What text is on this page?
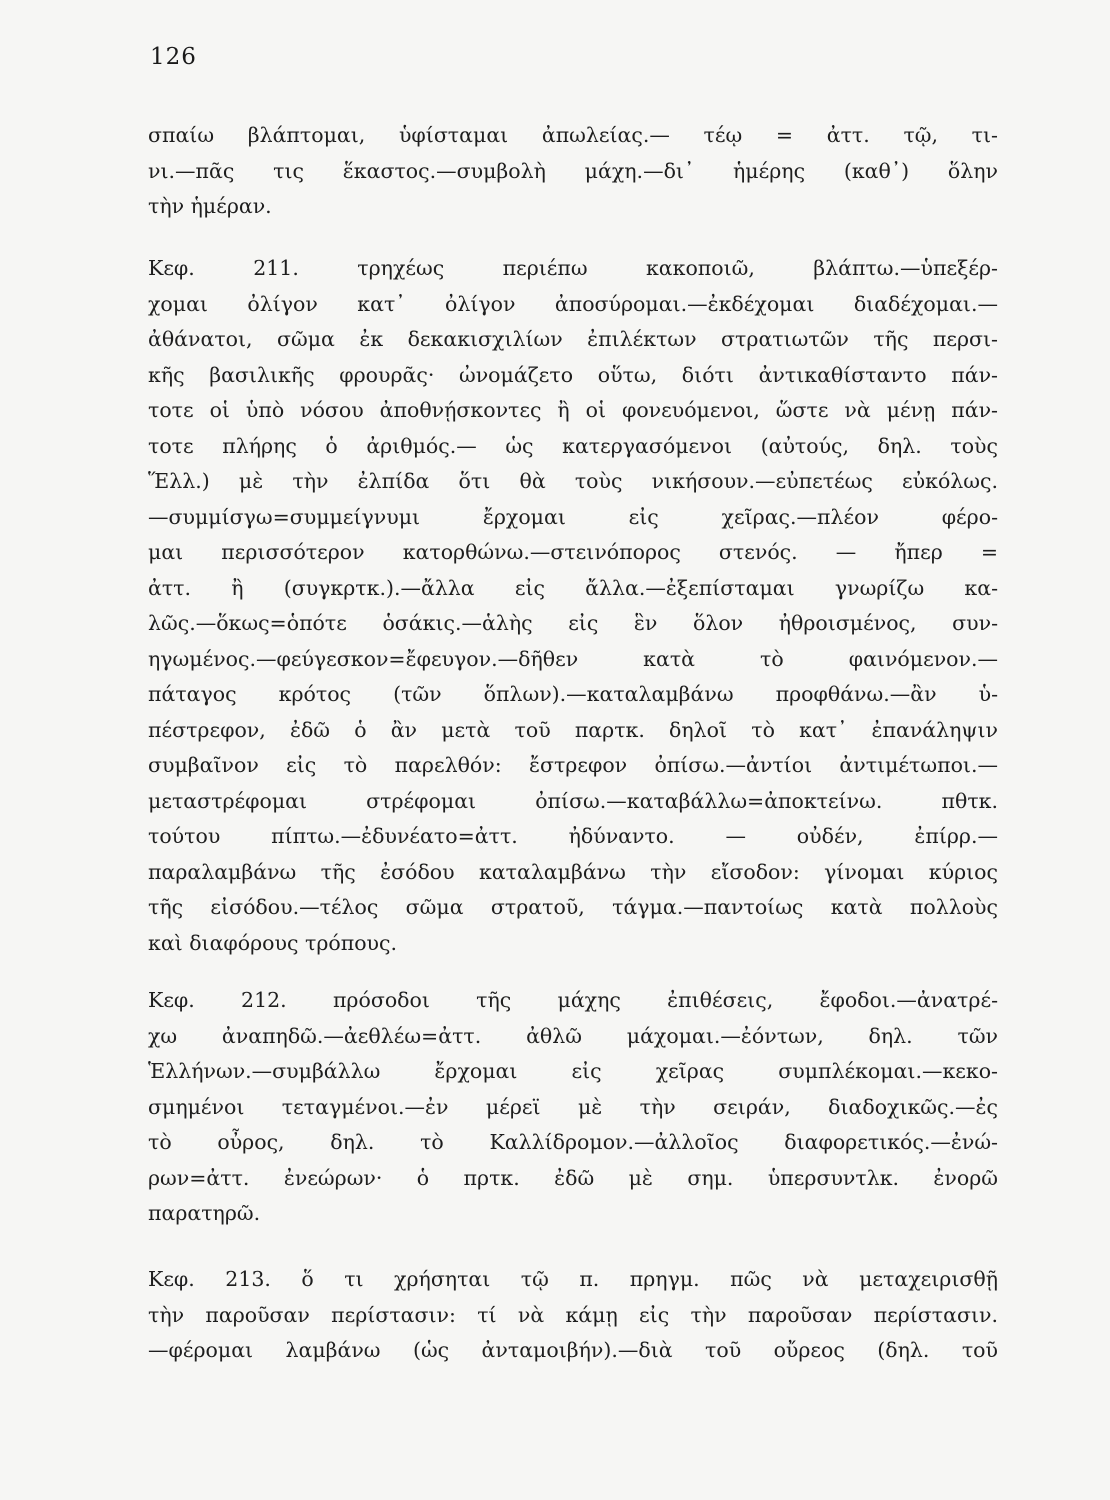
126
σπαίω βλάπτομαι, ὑφίσταμαι ἀπωλείας.— τέῳ = ἀττ. τῷ, τι-
νι.—πᾶς τις ἕκαστος.—συμβολὴ μάχη.—δι᾽ ἡμέρης (καθ᾽) ὅλην
τὴν ἡμέραν.
Κεφ. 211. τρηχέως περιέπω κακοποιῶ, βλάπτω.—ὑπεξέρ-
χομαι ὀλίγον κατ᾽ ὀλίγον ἀποσύρομαι.—ἐκδέχομαι διαδέχομαι.—
ἀθάνατοι, σῶμα ἐκ δεκακισχιλίων ἐπιλέκτων στρατιωτῶν τῆς περσι-
κῆς βασιλικῆς φρουρᾶς· ὠνομάζετο οὕτω, διότι ἀντικαθίσταντο πάν-
τοτε οἱ ὑπὸ νόσου ἀποθνῄσκοντες ἢ οἱ φονευόμενοι, ὥστε νὰ μένῃ πάν-
τοτε πλήρης ὁ ἀριθμός.— ὡς κατεργασόμενοι (αὐτούς, δηλ. τοὺς
Ἕλλ.) μὲ τὴν ἐλπίδα ὅτι θὰ τοὺς νικήσουν.—εὐπετέως εὐκόλως.
—συμμίσγω=συμμείγνυμι ἔρχομαι εἰς χεῖρας.—πλέον φέρο-
μαι περισσότερον κατορθώνω.—στεινόπορος στενός. — ἤπερ =
ἀττ. ἢ (συγκρτκ.).—ἄλλα εἰς ἄλλα.—ἐξεπίσταμαι γνωρίζω κα-
λῶς.—ὅκως=ὁπότε ὁσάκις.—ἁλὴς εἰς ἓν ὅλον ἠθροισμένος, συν-
ηγωμένος.—φεύγεσκον=ἔφευγον.—δῆθεν κατὰ τὸ φαινόμενον.—
πάταγος κρότος (τῶν ὅπλων).—καταλαμβάνω προφθάνω.—ἂν ὑ-
πέστρεφον, ἐδῶ ὁ ἂν μετὰ τοῦ παρτκ. δηλοῖ τὸ κατ᾽ ἐπανάληψιν
συμβαῖνον εἰς τὸ παρελθόν: ἔστρεφον ὀπίσω.—ἀντίοι ἀντιμέτωποι.—
μεταστρέφομαι στρέφομαι ὀπίσω.—καταβάλλω=ἀποκτείνω. πθτκ.
τούτου πίπτω.—ἐδυνέατο=ἀττ. ἠδύναντο. — οὐδέν, ἐπίρρ.—
παραλαμβάνω τῆς ἐσόδου καταλαμβάνω τὴν εἴσοδον: γίνομαι κύριος
τῆς εἰσόδου.—τέλος σῶμα στρατοῦ, τάγμα.—παντοίως κατὰ πολλοὺς
καὶ διαφόρους τρόπους.
Κεφ. 212. πρόσοδοι τῆς μάχης ἐπιθέσεις, ἔφοδοι.—ἀνατρέ-
χω ἀναπηδῶ.—ἀεθλέω=ἀττ. ἀθλῶ μάχομαι.—ἐόντων, δηλ. τῶν
Ἑλλήνων.—συμβάλλω ἔρχομαι εἰς χεῖρας συμπλέκομαι.—κεκο-
σμημένοι τεταγμένοι.—ἐν μέρεϊ μὲ τὴν σειράν, διαδοχικῶς.—ἐς
τὸ οὖρος, δηλ. τὸ Καλλίδρομον.—ἀλλοῖος διαφορετικός.—ἐνώ-
ρων=ἀττ. ἐνεώρων· ὁ πρτκ. ἐδῶ μὲ σημ. ὑπερσυντλκ. ἐνορῶ
παρατηρῶ.
Κεφ. 213. ὅ τι χρήσηται τῷ π. πρηγμ. πῶς νὰ μεταχειρισθῇ
τὴν παροῦσαν περίστασιν: τί νὰ κάμῃ εἰς τὴν παροῦσαν περίστασιν.
—φέρομαι λαμβάνω (ὡς ἀνταμοιβήν).—διὰ τοῦ οὔρεος (δηλ. τοῦ
